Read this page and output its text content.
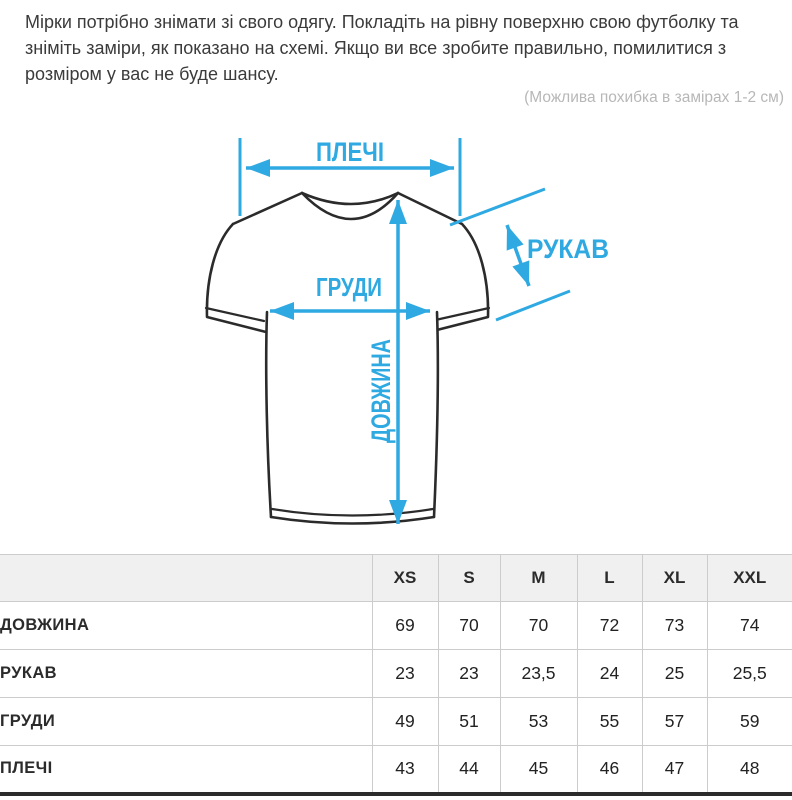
Мірки потрібно знімати зі свого одягу. Покладіть на рівну поверхню свою футболку та зніміть заміри, як показано на схемі. Якщо ви все зробите правильно, помилитися з розміром у вас не буде шансу.

(Можлива похибка в замірах 1-2 см)
ПЛЕЧІ
РУКАВ
ГРУДИ
ДОВЖИНА
	XS	S	M	L	XL	XXL
ДОВЖИНА	69	70	70	72	73	74
РУКАВ	23	23	23,5	24	25	25,5
ГРУДИ	49	51	53	55	57	59
ПЛЕЧІ	43	44	45	46	47	48
